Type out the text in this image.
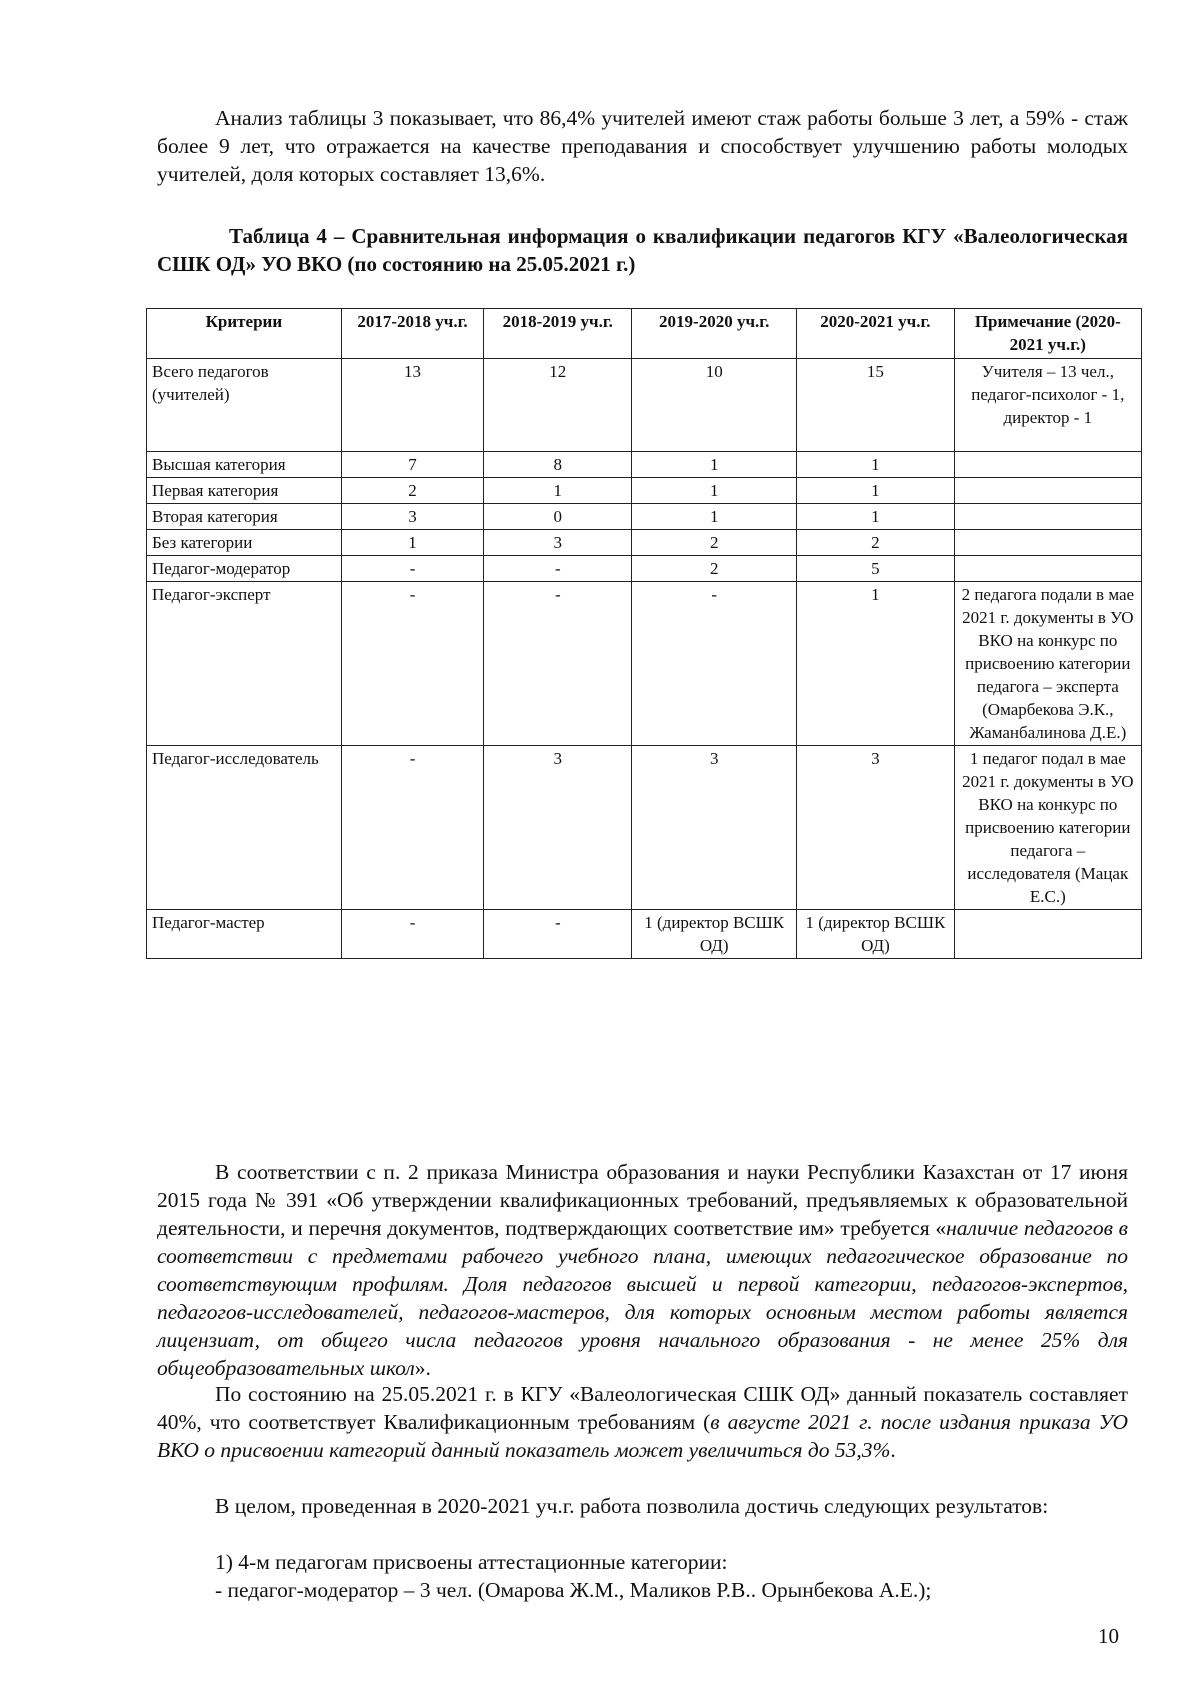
Анализ таблицы 3 показывает, что 86,4% учителей имеют стаж работы больше 3 лет, а 59% - стаж более 9 лет, что отражается на качестве преподавания и способствует улучшению работы молодых учителей, доля которых составляет 13,6%.

Таблица 4 – Сравнительная информация о квалификации педагогов КГУ «Валеологическая СШК ОД» УО ВКО (по состоянию на 25.05.2021 г.)

Критерии	2017-2018 уч.г.	2018-2019 уч.г.	2019-2020 уч.г.	2020-2021 уч.г.	Примечание (2020-2021 уч.г.)
Всего педагогов (учителей)	13	12	10	15	Учителя – 13 чел., педагог-психолог - 1, директор - 1
Высшая категория	7	8	1	1	
Первая категория	2	1	1	1	
Вторая категория	3	0	1	1	
Без категории	1	3	2	2	
Педагог-модератор	-	-	2	5	
Педагог-эксперт	-	-	-	1	2 педагога подали в мае 2021 г. документы в УО ВКО на конкурс по присвоению категории педагога – эксперта (Омарбекова Э.К., Жаманбалинова Д.Е.)
Педагог-исследователь	-	3	3	3	1 педагог подал в мае 2021 г. документы в УО ВКО на конкурс по присвоению категории педагога – исследователя (Мацак Е.С.)
Педагог-мастер	-	-	1 (директор ВСШК ОД)	1 (директор ВСШК ОД)	

В соответствии с п. 2 приказа Министра образования и науки Республики Казахстан от 17 июня 2015 года № 391 «Об утверждении квалификационных требований, предъявляемых к образовательной деятельности, и перечня документов, подтверждающих соответствие им» требуется «наличие педагогов в соответствии с предметами рабочего учебного плана, имеющих педагогическое образование по соответствующим профилям. Доля педагогов высшей и первой категории, педагогов-экспертов, педагогов-исследователей, педагогов-мастеров, для которых основным местом работы является лицензиат, от общего числа педагогов уровня начального образования - не менее 25% для общеобразовательных школ».

По состоянию на 25.05.2021 г. в КГУ «Валеологическая СШК ОД» данный показатель составляет 40%, что соответствует Квалификационным требованиям (в августе 2021 г. после издания приказа УО ВКО о присвоении категорий данный показатель может увеличиться до 53,3%.

В целом, проведенная в 2020-2021 уч.г. работа позволила достичь следующих результатов:

1) 4-м педагогам присвоены аттестационные категории:

- педагог-модератор – 3 чел. (Омарова Ж.М., Маликов Р.В.. Орынбекова А.Е.);

10
